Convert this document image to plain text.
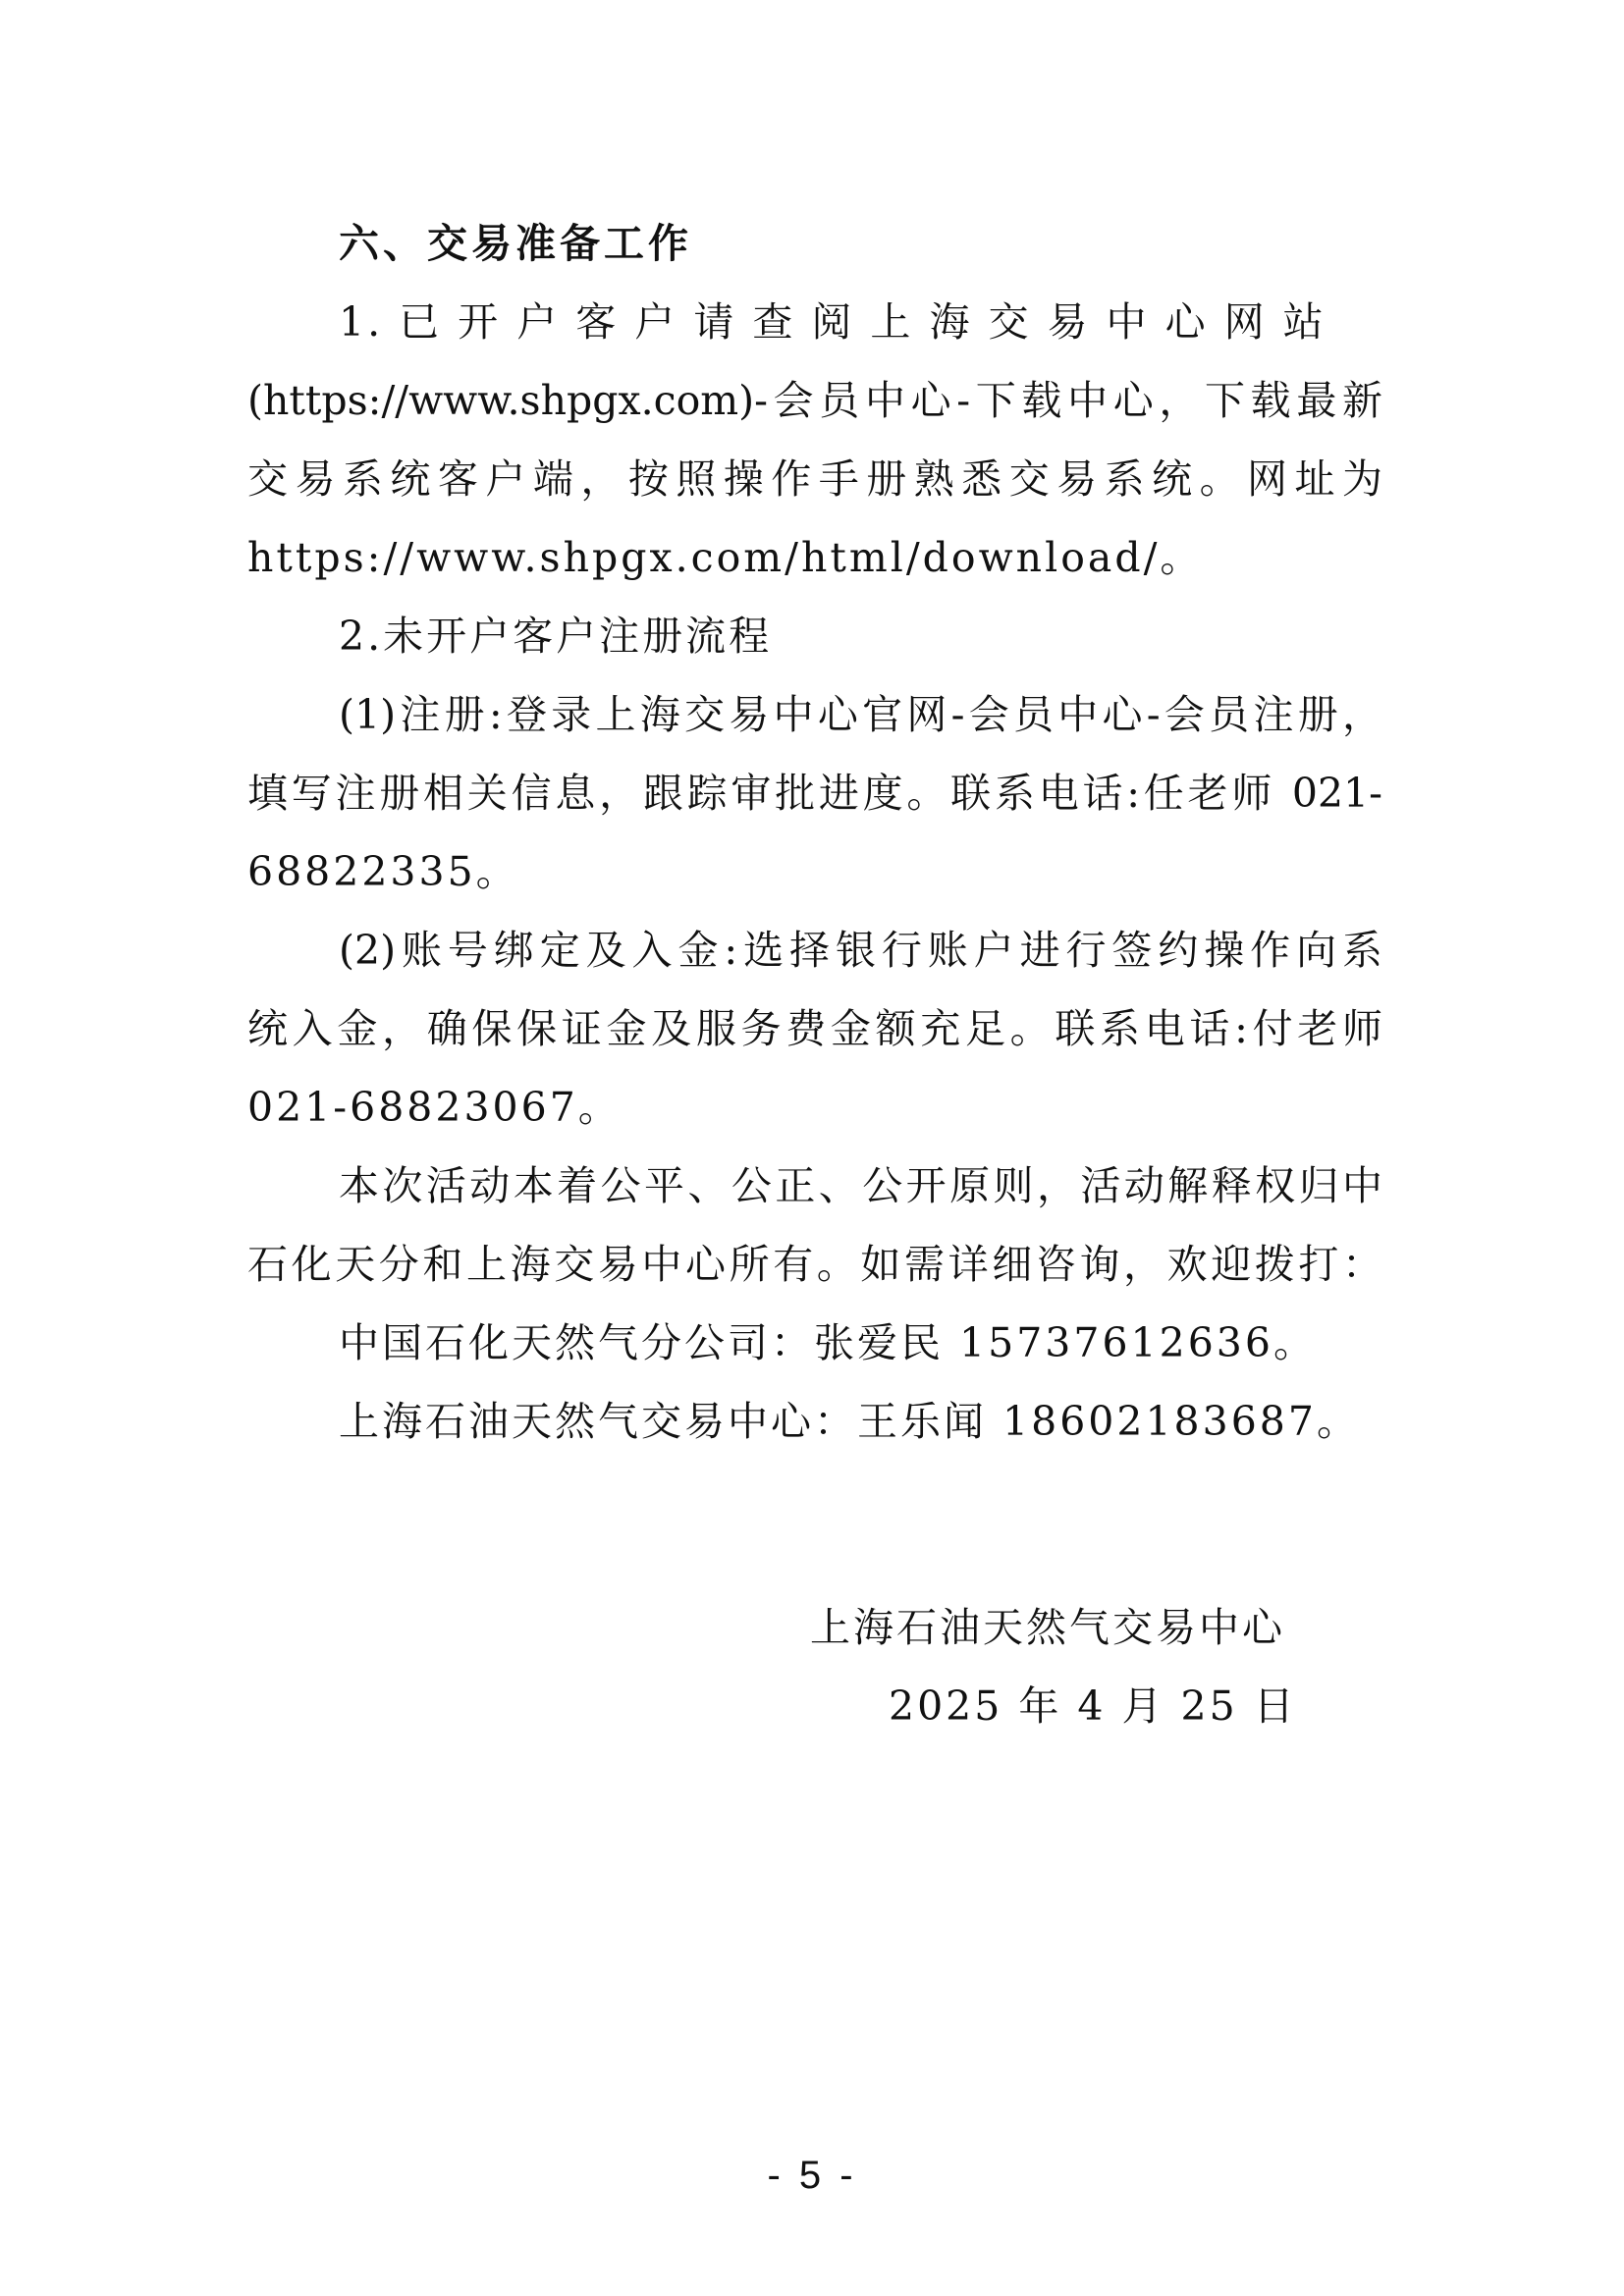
六、交易准备工作
1. 已 开 户 客 户 请 查 阅 上 海 交 易 中 心 网 站
(https://www.shpgx.com)-会员中心-下载中心，下载最新
交易系统客户端，按照操作手册熟悉交易系统。网址为
https://www.shpgx.com/html/download/。
2.未开户客户注册流程
(1)注册:登录上海交易中心官网-会员中心-会员注册，
填写注册相关信息，跟踪审批进度。联系电话:任老师 021-
68822335。
(2)账号绑定及入金:选择银行账户进行签约操作向系
统入金，确保保证金及服务费金额充足。联系电话:付老师
021-68823067。
本次活动本着公平、公正、公开原则，活动解释权归中
石化天分和上海交易中心所有。如需详细咨询，欢迎拨打：
中国石化天然气分公司：张爱民 15737612636。
上海石油天然气交易中心：王乐闻 18602183687。
上海石油天然气交易中心
2025 年 4 月 25 日
- 5 -
